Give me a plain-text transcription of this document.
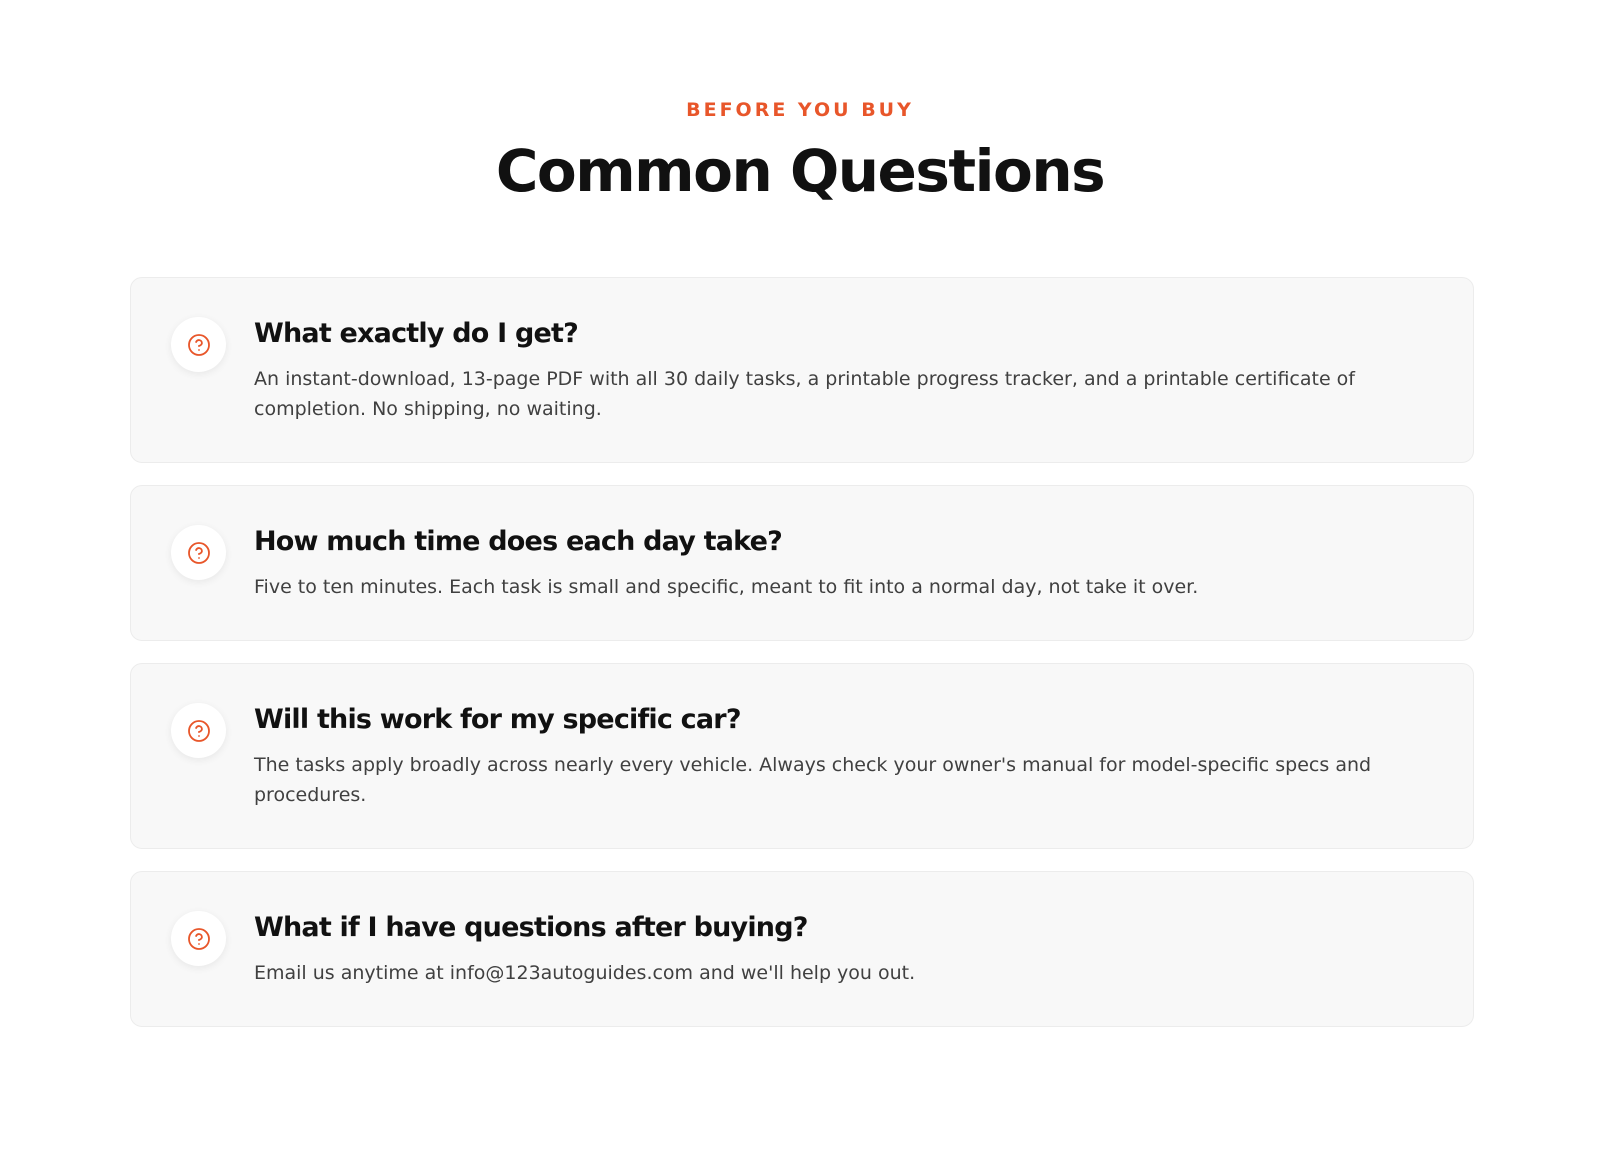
BEFORE YOU BUY
Common Questions
What exactly do I get?

An instant-download, 13-page PDF with all 30 daily tasks, a printable progress tracker, and a printable certificate of completion. No shipping, no waiting.

How much time does each day take?

Five to ten minutes. Each task is small and specific, meant to fit into a normal day, not take it over.

Will this work for my specific car?

The tasks apply broadly across nearly every vehicle. Always check your owner's manual for model-specific specs and procedures.

What if I have questions after buying?

Email us anytime at info@123autoguides.com and we'll help you out.
